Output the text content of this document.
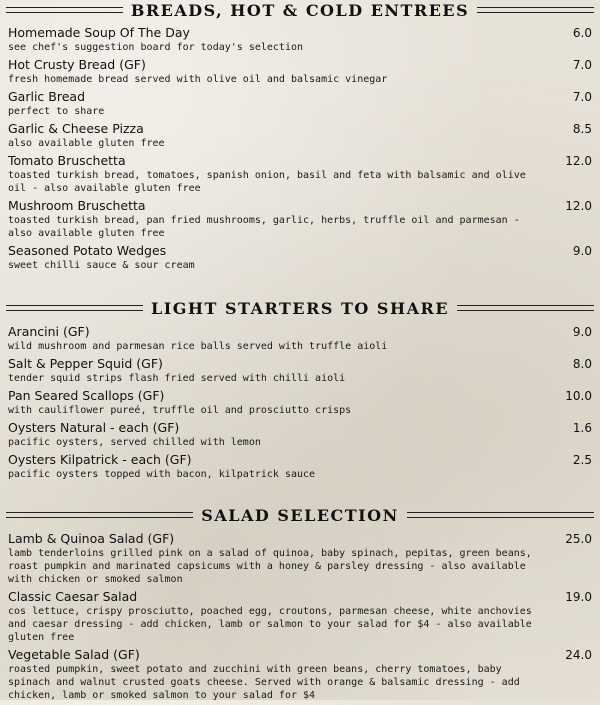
BREADS, HOT & COLD ENTREES
Homemade Soup Of The Day
see chef's suggestion board for today's selection
6.0
Hot Crusty Bread (GF)
fresh homemade bread served with olive oil and balsamic vinegar
7.0
Garlic Bread
perfect to share
7.0
Garlic & Cheese Pizza
also available gluten free
8.5
Tomato Bruschetta
toasted turkish bread, tomatoes, spanish onion, basil and feta with balsamic and olive oil - also available gluten free
12.0
Mushroom Bruschetta
toasted turkish bread, pan fried mushrooms, garlic, herbs, truffle oil and parmesan - also available gluten free
12.0
Seasoned Potato Wedges
sweet chilli sauce & sour cream
9.0
LIGHT STARTERS TO SHARE
Arancini (GF)
wild mushroom and parmesan rice balls served with truffle aioli
9.0
Salt & Pepper Squid (GF)
tender squid strips flash fried served with chilli aioli
8.0
Pan Seared Scallops (GF)
with cauliflower pureé, truffle oil and prosciutto crisps
10.0
Oysters Natural - each (GF)
pacific oysters, served chilled with lemon
1.6
Oysters Kilpatrick - each (GF)
pacific oysters topped with bacon, kilpatrick sauce
2.5
SALAD SELECTION
Lamb & Quinoa Salad (GF)
lamb tenderloins grilled pink on a salad of quinoa, baby spinach, pepitas, green beans, roast pumpkin and marinated capsicums with a honey & parsley dressing - also available with chicken or smoked salmon
25.0
Classic Caesar Salad
cos lettuce, crispy prosciutto, poached egg, croutons, parmesan cheese, white anchovies and caesar dressing - add chicken, lamb or salmon to your salad for $4 - also available gluten free
19.0
Vegetable Salad (GF)
roasted pumpkin, sweet potato and zucchini with green beans, cherry tomatoes, baby spinach and walnut crusted goats cheese. Served with orange & balsamic dressing - add chicken, lamb or smoked salmon to your salad for $4
24.0
